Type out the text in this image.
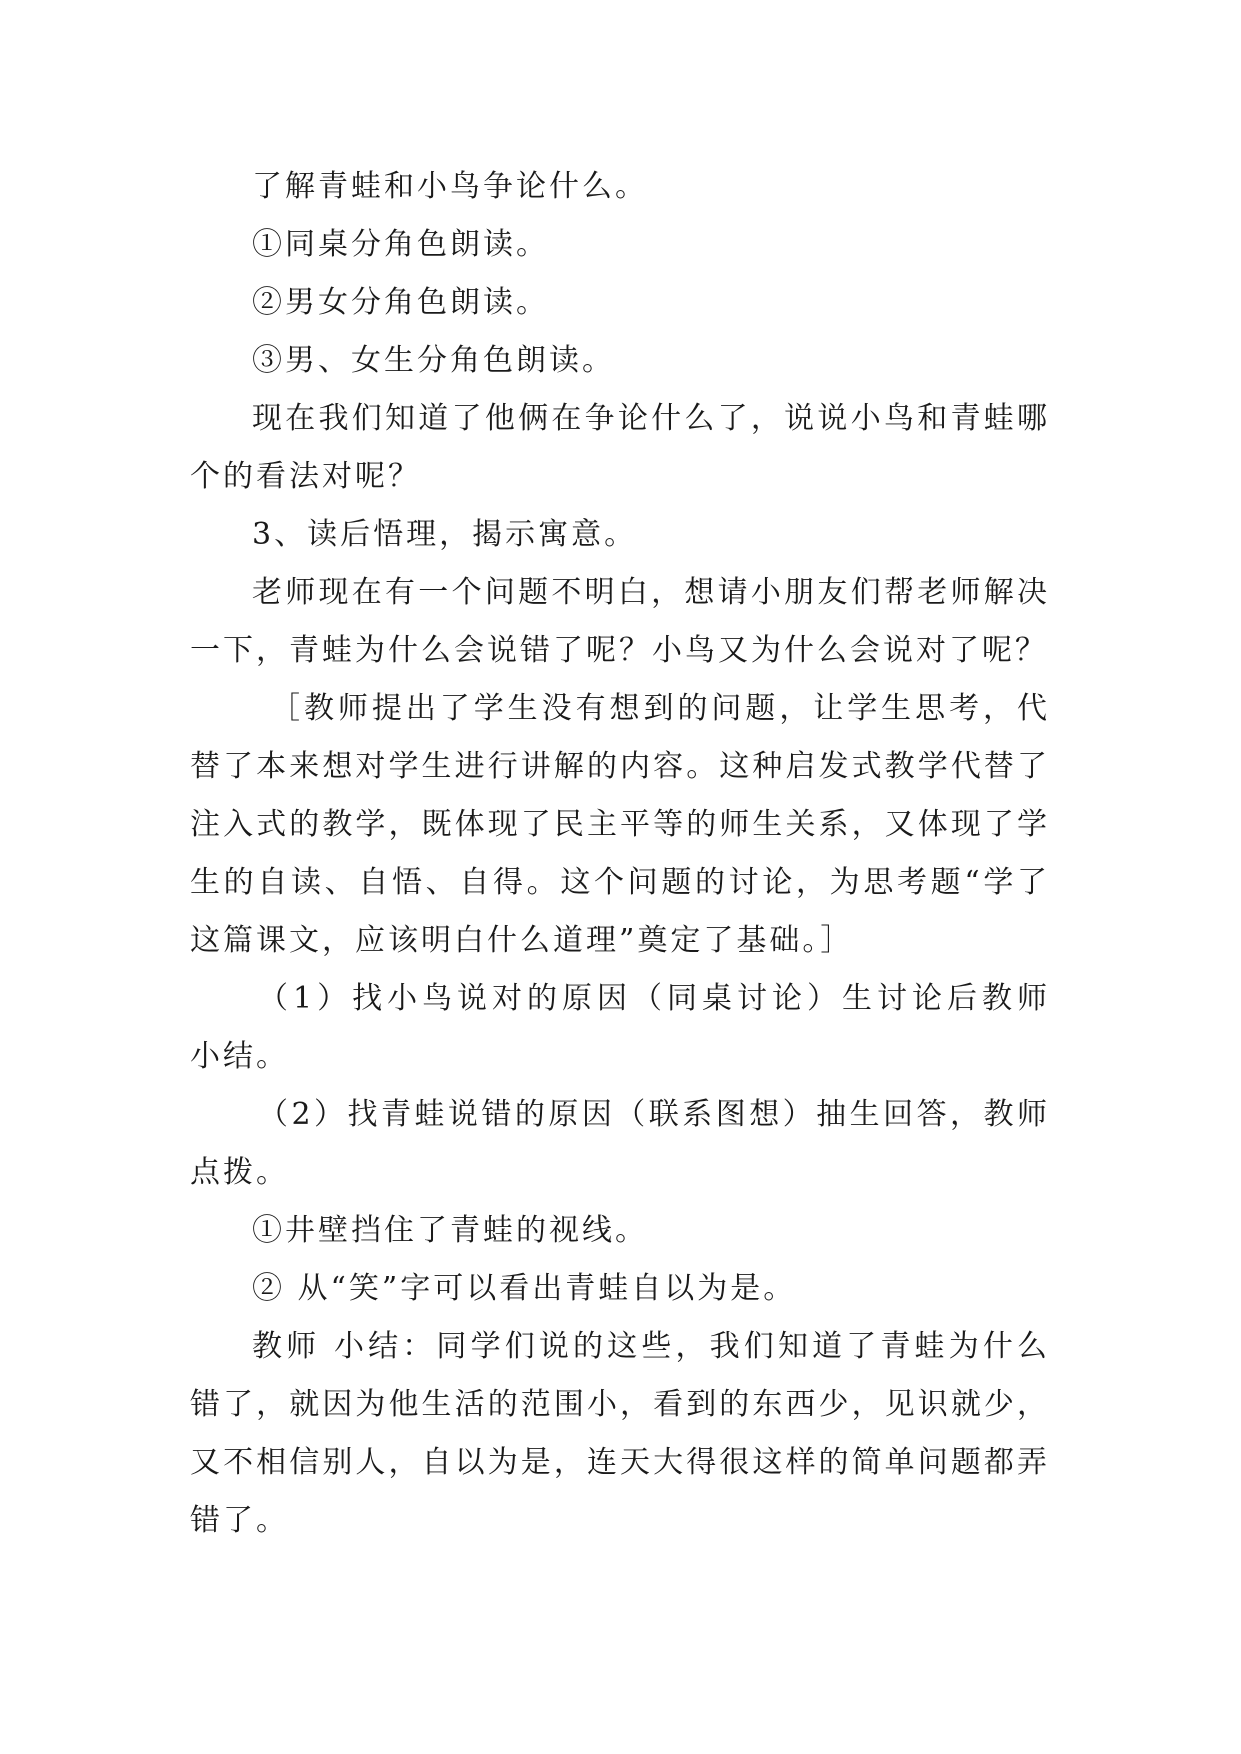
了解青蛙和小鸟争论什么。

①同桌分角色朗读。

②男女分角色朗读。

③男、女生分角色朗读。

现在我们知道了他俩在争论什么了，说说小鸟和青蛙哪个的看法对呢？

3、读后悟理，揭示寓意。

老师现在有一个问题不明白，想请小朋友们帮老师解决一下，青蛙为什么会说错了呢？小鸟又为什么会说对了呢？

［教师提出了学生没有想到的问题，让学生思考，代替了本来想对学生进行讲解的内容。这种启发式教学代替了注入式的教学，既体现了民主平等的师生关系，又体现了学生的自读、自悟、自得。这个问题的讨论，为思考题“学了这篇课文，应该明白什么道理”奠定了基础。］

（1）找小鸟说对的原因（同桌讨论）生讨论后教师 小结。

（2）找青蛙说错的原因（联系图想）抽生回答，教师点拨。

①井壁挡住了青蛙的视线。

② 从“笑”字可以看出青蛙自以为是。

教师 小结：同学们说的这些，我们知道了青蛙为什么错了，就因为他生活的范围小，看到的东西少，见识就少，又不相信别人，自以为是，连天大得很这样的简单问题都弄错了。
